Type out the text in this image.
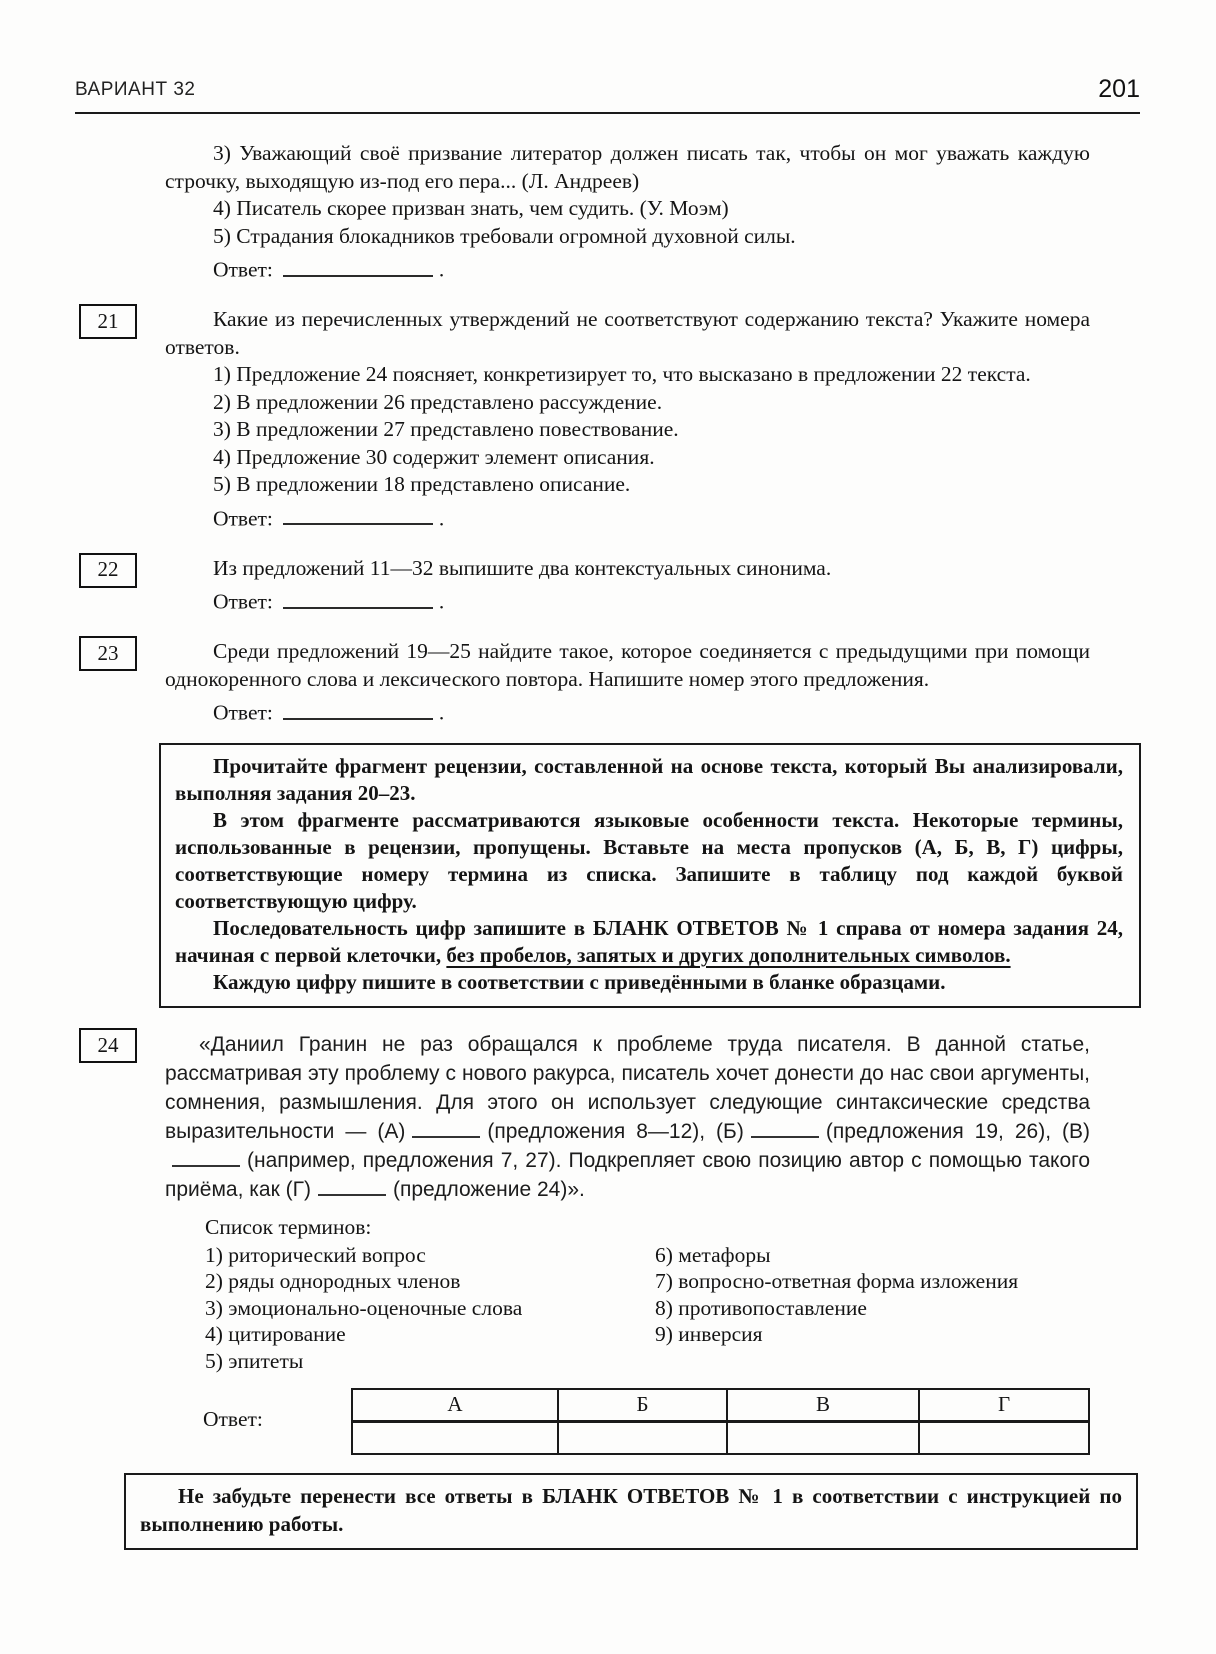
ВАРИАНТ 32	201

3) Уважающий своё призвание литератор должен писать так, чтобы он мог уважать каждую строчку, выходящую из-под его пера... (Л. Андреев)

4) Писатель скорее призван знать, чем судить. (У. Моэм)

5) Страдания блокадников требовали огромной духовной силы.

Ответ:	.

21	Какие из перечисленных утверждений не соответствуют содержанию текста? Укажите номера ответов.

1) Предложение 24 поясняет, конкретизирует то, что высказано в предложении 22 текста.

2) В предложении 26 представлено рассуждение.

3) В предложении 27 представлено повествование.

4) Предложение 30 содержит элемент описания.

5) В предложении 18 представлено описание.

Ответ:	.

22	Из предложений 11—32 выпишите два контекстуальных синонима.

Ответ:	.

23	Среди предложений 19—25 найдите такое, которое соединяется с предыдущими при помощи однокоренного слова и лексического повтора. Напишите номер этого предложения.

Ответ:	.

Прочитайте фрагмент рецензии, составленной на основе текста, который Вы анализировали, выполняя задания 20–23.

В этом фрагменте рассматриваются языковые особенности текста. Некоторые термины, использованные в рецензии, пропущены. Вставьте на места пропусков (А, Б, В, Г) цифры, соответствующие номеру термина из списка. Запишите в таблицу под каждой буквой соответствующую цифру.

Последовательность цифр запишите в БЛАНК ОТВЕТОВ № 1 справа от номера задания 24, начиная с первой клеточки, без пробелов, запятых и других дополнительных символов.

Каждую цифру пишите в соответствии с приведёнными в бланке образцами.

24	«Даниил Гранин не раз обращался к проблеме труда писателя. В данной статье, рассматривая эту проблему с нового ракурса, писатель хочет донести до нас свои аргументы, сомнения, размышления. Для этого он использует следующие синтаксические средства выразительности — (А)	(предложения 8—12), (Б)	(предложения 19, 26), (В)(например, предложения 7, 27). Подкрепляет свою позицию автор с помощью такого приёма, как (Г)	(предложение 24)».

Список терминов:

1) риторический вопрос

2) ряды однородных членов

3) эмоционально-оценочные слова

4) цитирование

5) эпитеты

6) метафоры

7) вопросно-ответная форма изложения

8) противопоставление

9) инверсия

Ответ:
А	Б	В	Г

Не забудьте перенести все ответы в БЛАНК ОТВЕТОВ № 1 в соответствии с инструкцией по выполнению работы.
